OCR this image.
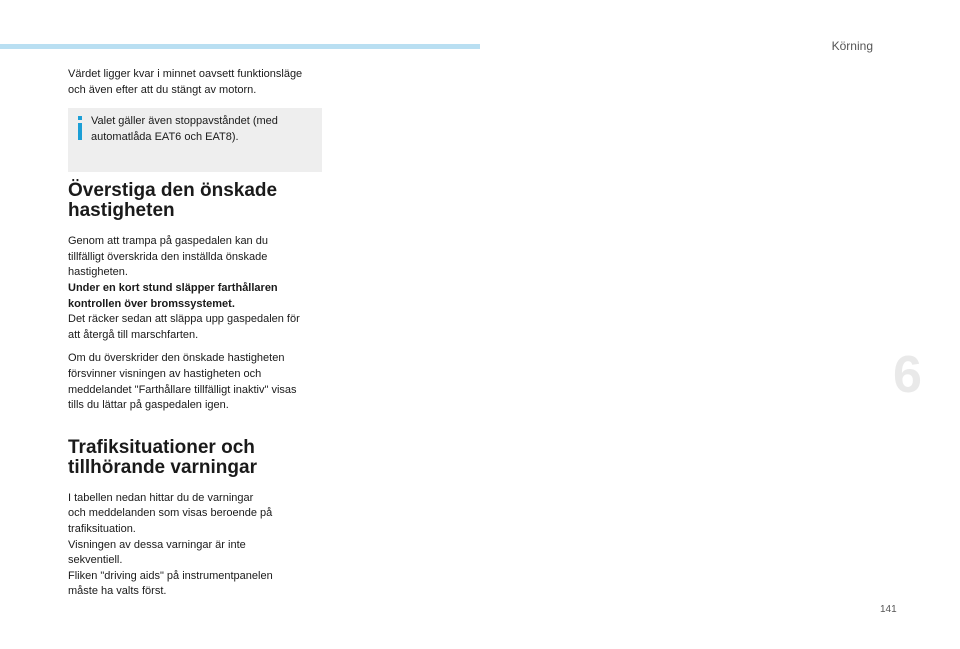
Körning
6
141

Värdet ligger kvar i minnet oavsett funktionsläge
och även efter att du stängt av motorn.

Valet gäller även stoppavståndet (med
automatlåda EAT6 och EAT8).
Överstiga den önskade
hastigheten

Genom att trampa på gaspedalen kan du
tillfälligt överskrida den inställda önskade
hastigheten.
Under en kort stund släpper farthållaren
kontrollen över bromssystemet.
Det räcker sedan att släppa upp gaspedalen för
att återgå till marschfarten.

Om du överskrider den önskade hastigheten
försvinner visningen av hastigheten och
meddelandet "Farthållare tillfälligt inaktiv" visas
tills du lättar på gaspedalen igen.

Trafiksituationer och
tillhörande varningar

I tabellen nedan hittar du de varningar
och meddelanden som visas beroende på
trafiksituation.
Visningen av dessa varningar är inte
sekventiell.
Fliken "driving aids" på instrumentpanelen
måste ha valts först.
